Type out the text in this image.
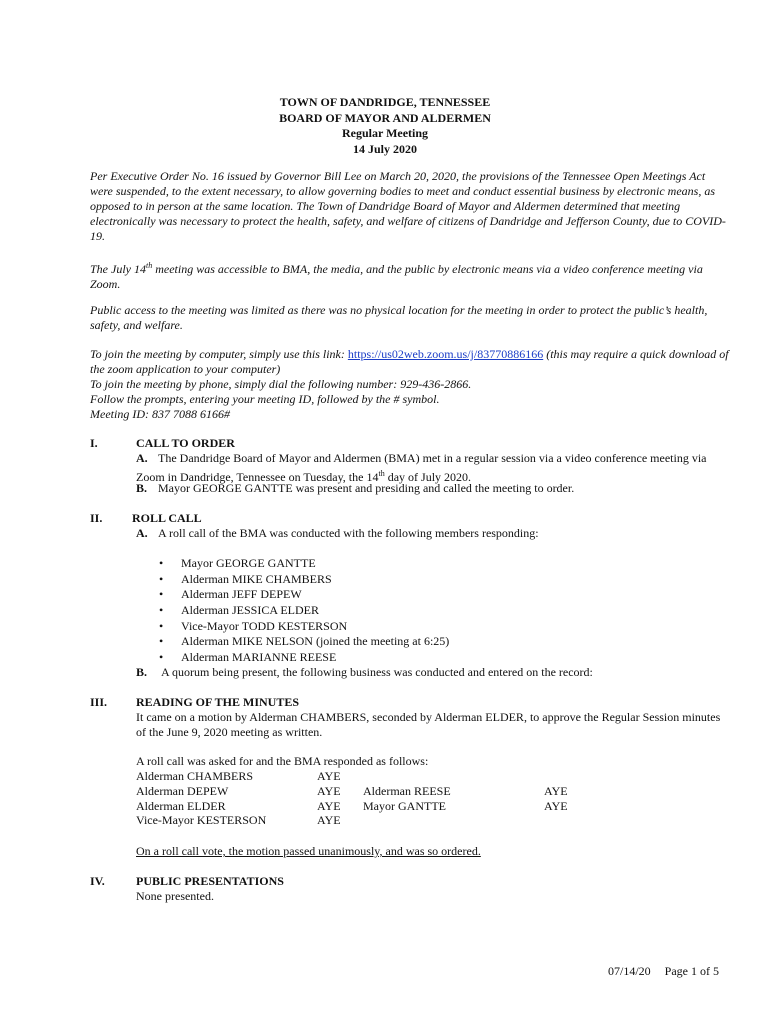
TOWN OF DANDRIDGE, TENNESSEE
BOARD OF MAYOR AND ALDERMEN
Regular Meeting
14 July 2020
Per Executive Order No. 16 issued by Governor Bill Lee on March 20, 2020, the provisions of the Tennessee Open Meetings Act were suspended, to the extent necessary, to allow governing bodies to meet and conduct essential business by electronic means, as opposed to in person at the same location. The Town of Dandridge Board of Mayor and Aldermen determined that meeting electronically was necessary to protect the health, safety, and welfare of citizens of Dandridge and Jefferson County, due to COVID-19.
The July 14th meeting was accessible to BMA, the media, and the public by electronic means via a video conference meeting via Zoom.
Public access to the meeting was limited as there was no physical location for the meeting in order to protect the public’s health, safety, and welfare.
To join the meeting by computer, simply use this link: https://us02web.zoom.us/j/83770886166 (this may require a quick download of the zoom application to your computer)
To join the meeting by phone, simply dial the following number: 929-436-2866.
Follow the prompts, entering your meeting ID, followed by the # symbol.
Meeting ID: 837 7088 6166#
I.	CALL TO ORDER
A. The Dandridge Board of Mayor and Aldermen (BMA) met in a regular session via a video conference meeting via Zoom in Dandridge, Tennessee on Tuesday, the 14th day of July 2020.
B. Mayor GEORGE GANTTE was present and presiding and called the meeting to order.
II. ROLL CALL
A. A roll call of the BMA was conducted with the following members responding:
• Mayor GEORGE GANTTE
• Alderman MIKE CHAMBERS
• Alderman JEFF DEPEW
• Alderman JESSICA ELDER
• Vice-Mayor TODD KESTERSON
• Alderman MIKE NELSON (joined the meeting at 6:25)
• Alderman MARIANNE REESE
B. A quorum being present, the following business was conducted and entered on the record:
III. READING OF THE MINUTES
It came on a motion by Alderman CHAMBERS, seconded by Alderman ELDER, to approve the Regular Session minutes of the June 9, 2020 meeting as written.
A roll call was asked for and the BMA responded as follows:
Alderman CHAMBERS	AYE
Alderman DEPEW	AYE Alderman REESE	AYE
Alderman ELDER	AYE Mayor GANTTE	AYE
Vice-Mayor KESTERSON	AYE
On a roll call vote, the motion passed unanimously, and was so ordered.
IV.	PUBLIC PRESENTATIONS
None presented.
07/14/20 Page 1 of 5
